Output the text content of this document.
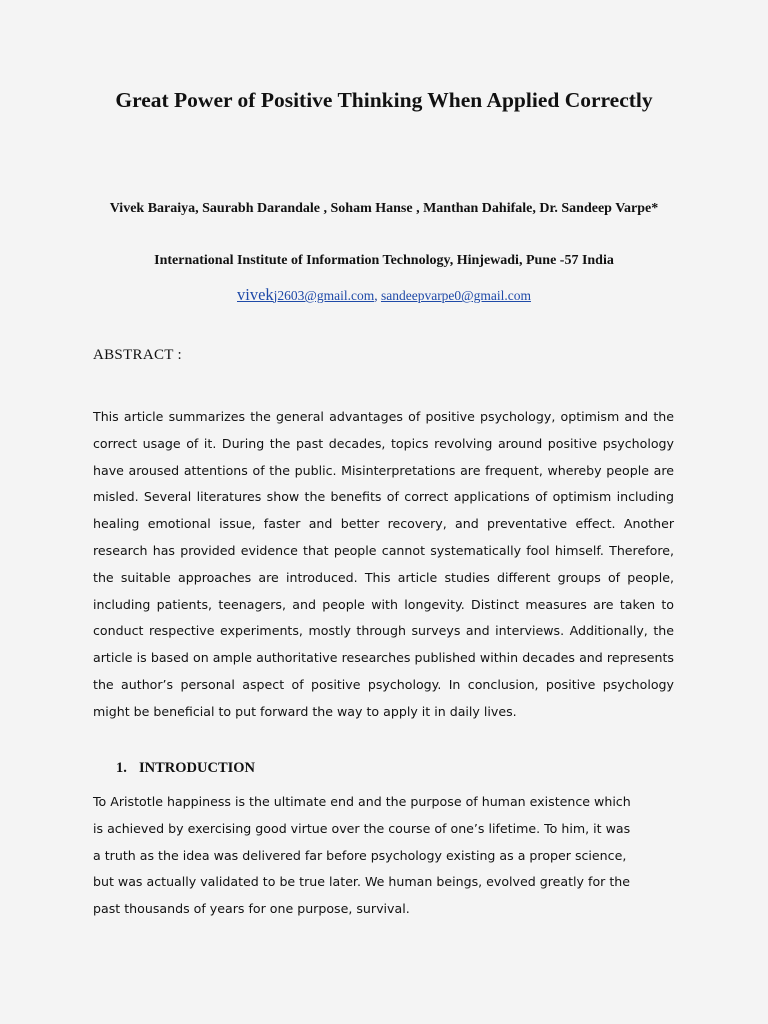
Great Power of Positive Thinking When Applied Correctly

Vivek Baraiya, Saurabh Darandale , Soham Hanse , Manthan Dahifale, Dr. Sandeep Varpe*

International Institute of Information Technology, Hinjewadi, Pune -57 India

vivekj2603@gmail.com, sandeepvarpe0@gmail.com

ABSTRACT :

This article summarizes the general advantages of positive psychology, optimism and the correct usage of it. During the past decades, topics revolving around positive psychology have aroused attentions of the public. Misinterpretations are frequent, whereby people are misled. Several literatures show the benefits of correct applications of optimism including healing emotional issue, faster and better recovery, and preventative effect. Another research has provided evidence that people cannot systematically fool himself. Therefore, the suitable approaches are introduced. This article studies different groups of people, including patients, teenagers, and people with longevity. Distinct measures are taken to conduct respective experiments, mostly through surveys and interviews. Additionally, the article is based on ample authoritative researches published within decades and represents the author’s personal aspect of positive psychology. In conclusion, positive psychology might be beneficial to put forward the way to apply it in daily lives.

1. INTRODUCTION

To Aristotle happiness is the ultimate end and the purpose of human existence which
is achieved by exercising good virtue over the course of one’s lifetime. To him, it was
a truth as the idea was delivered far before psychology existing as a proper science,
but was actually validated to be true later. We human beings, evolved greatly for the
past thousands of years for one purpose, survival.
